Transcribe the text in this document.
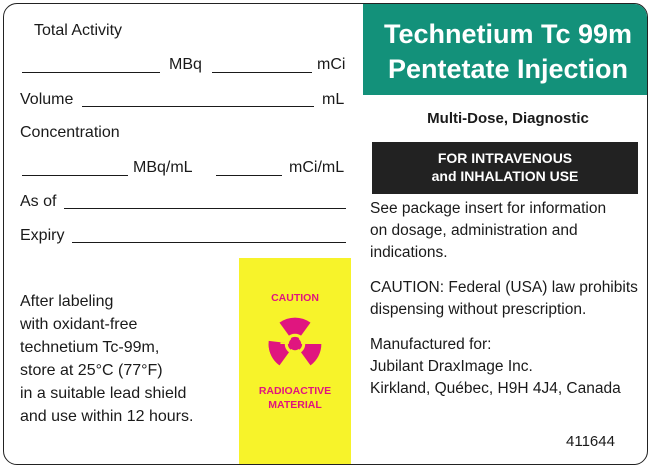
Total Activity
MBq	mCi
Volume	mL
Concentration
MBq/mL	mCi/mL
As of
Expiry
After labeling
with oxidant-free
technetium Tc-99m,
store at 25°C (77°F)
in a suitable lead shield
and use within 12 hours.
CAUTION
RADIOACTIVE
MATERIAL
Technetium Tc 99m
Pentetate Injection
Multi-Dose, Diagnostic
FOR INTRAVENOUS
and INHALATION USE
See package insert for information
on dosage, administration and
indications.
CAUTION: Federal (USA) law prohibits
dispensing without prescription.
Manufactured for:
Jubilant DraxImage Inc.
Kirkland, Québec, H9H 4J4, Canada
411644
